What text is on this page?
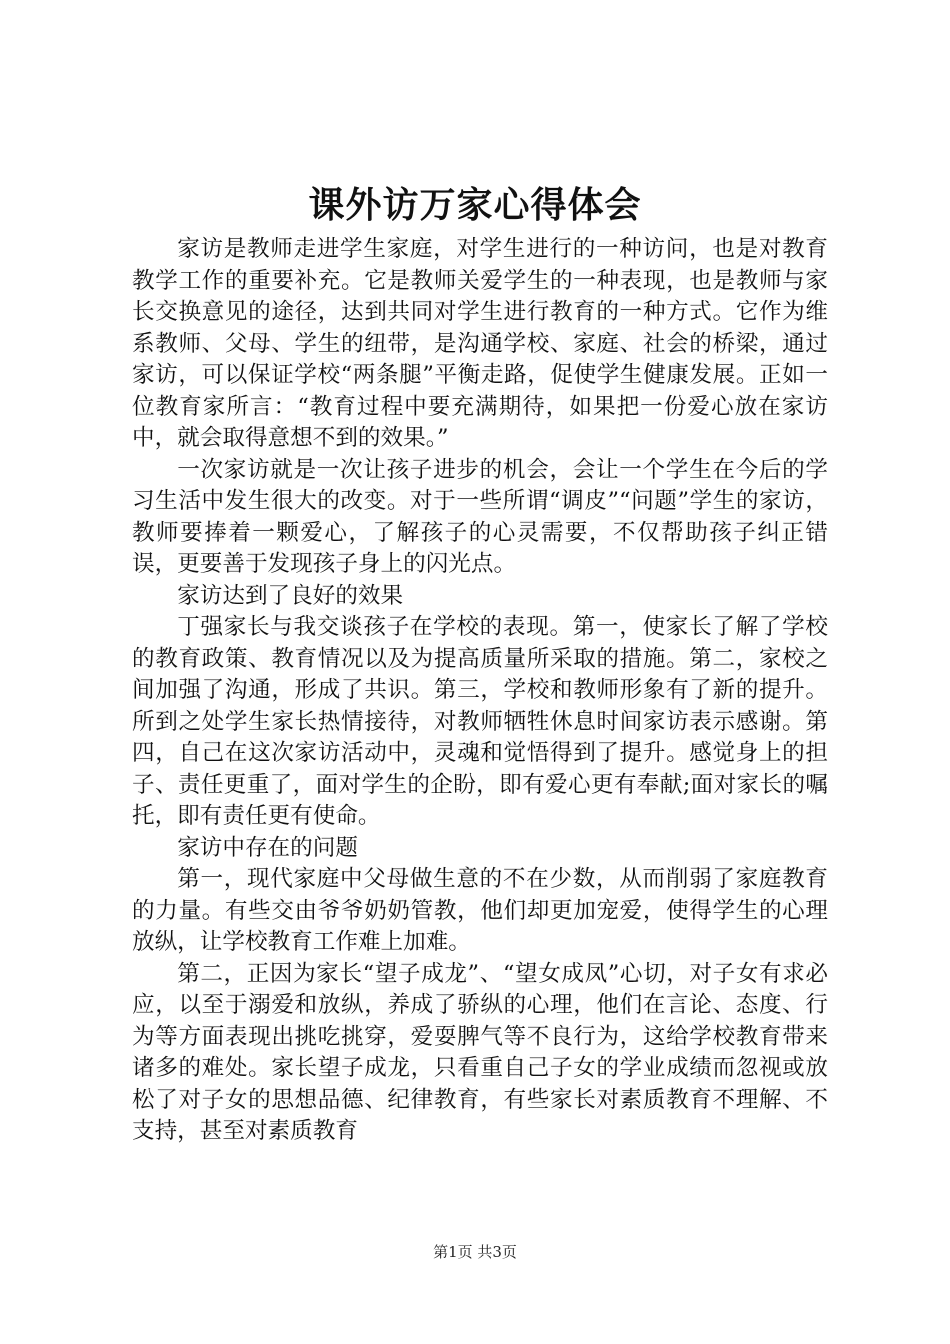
课外访万家心得体会

家访是教师走进学生家庭，对学生进行的一种访问，也是对教育教学工作的重要补充。它是教师关爱学生的一种表现，也是教师与家长交换意见的途径，达到共同对学生进行教育的一种方式。它作为维系教师、父母、学生的纽带，是沟通学校、家庭、社会的桥梁，通过家访，可以保证学校“两条腿”平衡走路，促使学生健康发展。正如一位教育家所言：“教育过程中要充满期待，如果把一份爱心放在家访中，就会取得意想不到的效果。”

一次家访就是一次让孩子进步的机会，会让一个学生在今后的学习生活中发生很大的改变。对于一些所谓“调皮”“问题”学生的家访，教师要捧着一颗爱心，了解孩子的心灵需要，不仅帮助孩子纠正错误，更要善于发现孩子身上的闪光点。

家访达到了良好的效果

丁强家长与我交谈孩子在学校的表现。第一，使家长了解了学校的教育政策、教育情况以及为提高质量所采取的措施。第二，家校之间加强了沟通，形成了共识。第三，学校和教师形象有了新的提升。所到之处学生家长热情接待，对教师牺牲休息时间家访表示感谢。第四，自己在这次家访活动中，灵魂和觉悟得到了提升。感觉身上的担子、责任更重了，面对学生的企盼，即有爱心更有奉献;面对家长的嘱托，即有责任更有使命。

家访中存在的问题

第一，现代家庭中父母做生意的不在少数，从而削弱了家庭教育的力量。有些交由爷爷奶奶管教，他们却更加宠爱，使得学生的心理放纵，让学校教育工作难上加难。

第二，正因为家长“望子成龙”、“望女成凤”心切，对子女有求必应，以至于溺爱和放纵，养成了骄纵的心理，他们在言论、态度、行为等方面表现出挑吃挑穿，爱耍脾气等不良行为，这给学校教育带来诸多的难处。家长望子成龙，只看重自己子女的学业成绩而忽视或放松了对子女的思想品德、纪律教育，有些家长对素质教育不理解、不支持，甚至对素质教育

第1页 共3页
